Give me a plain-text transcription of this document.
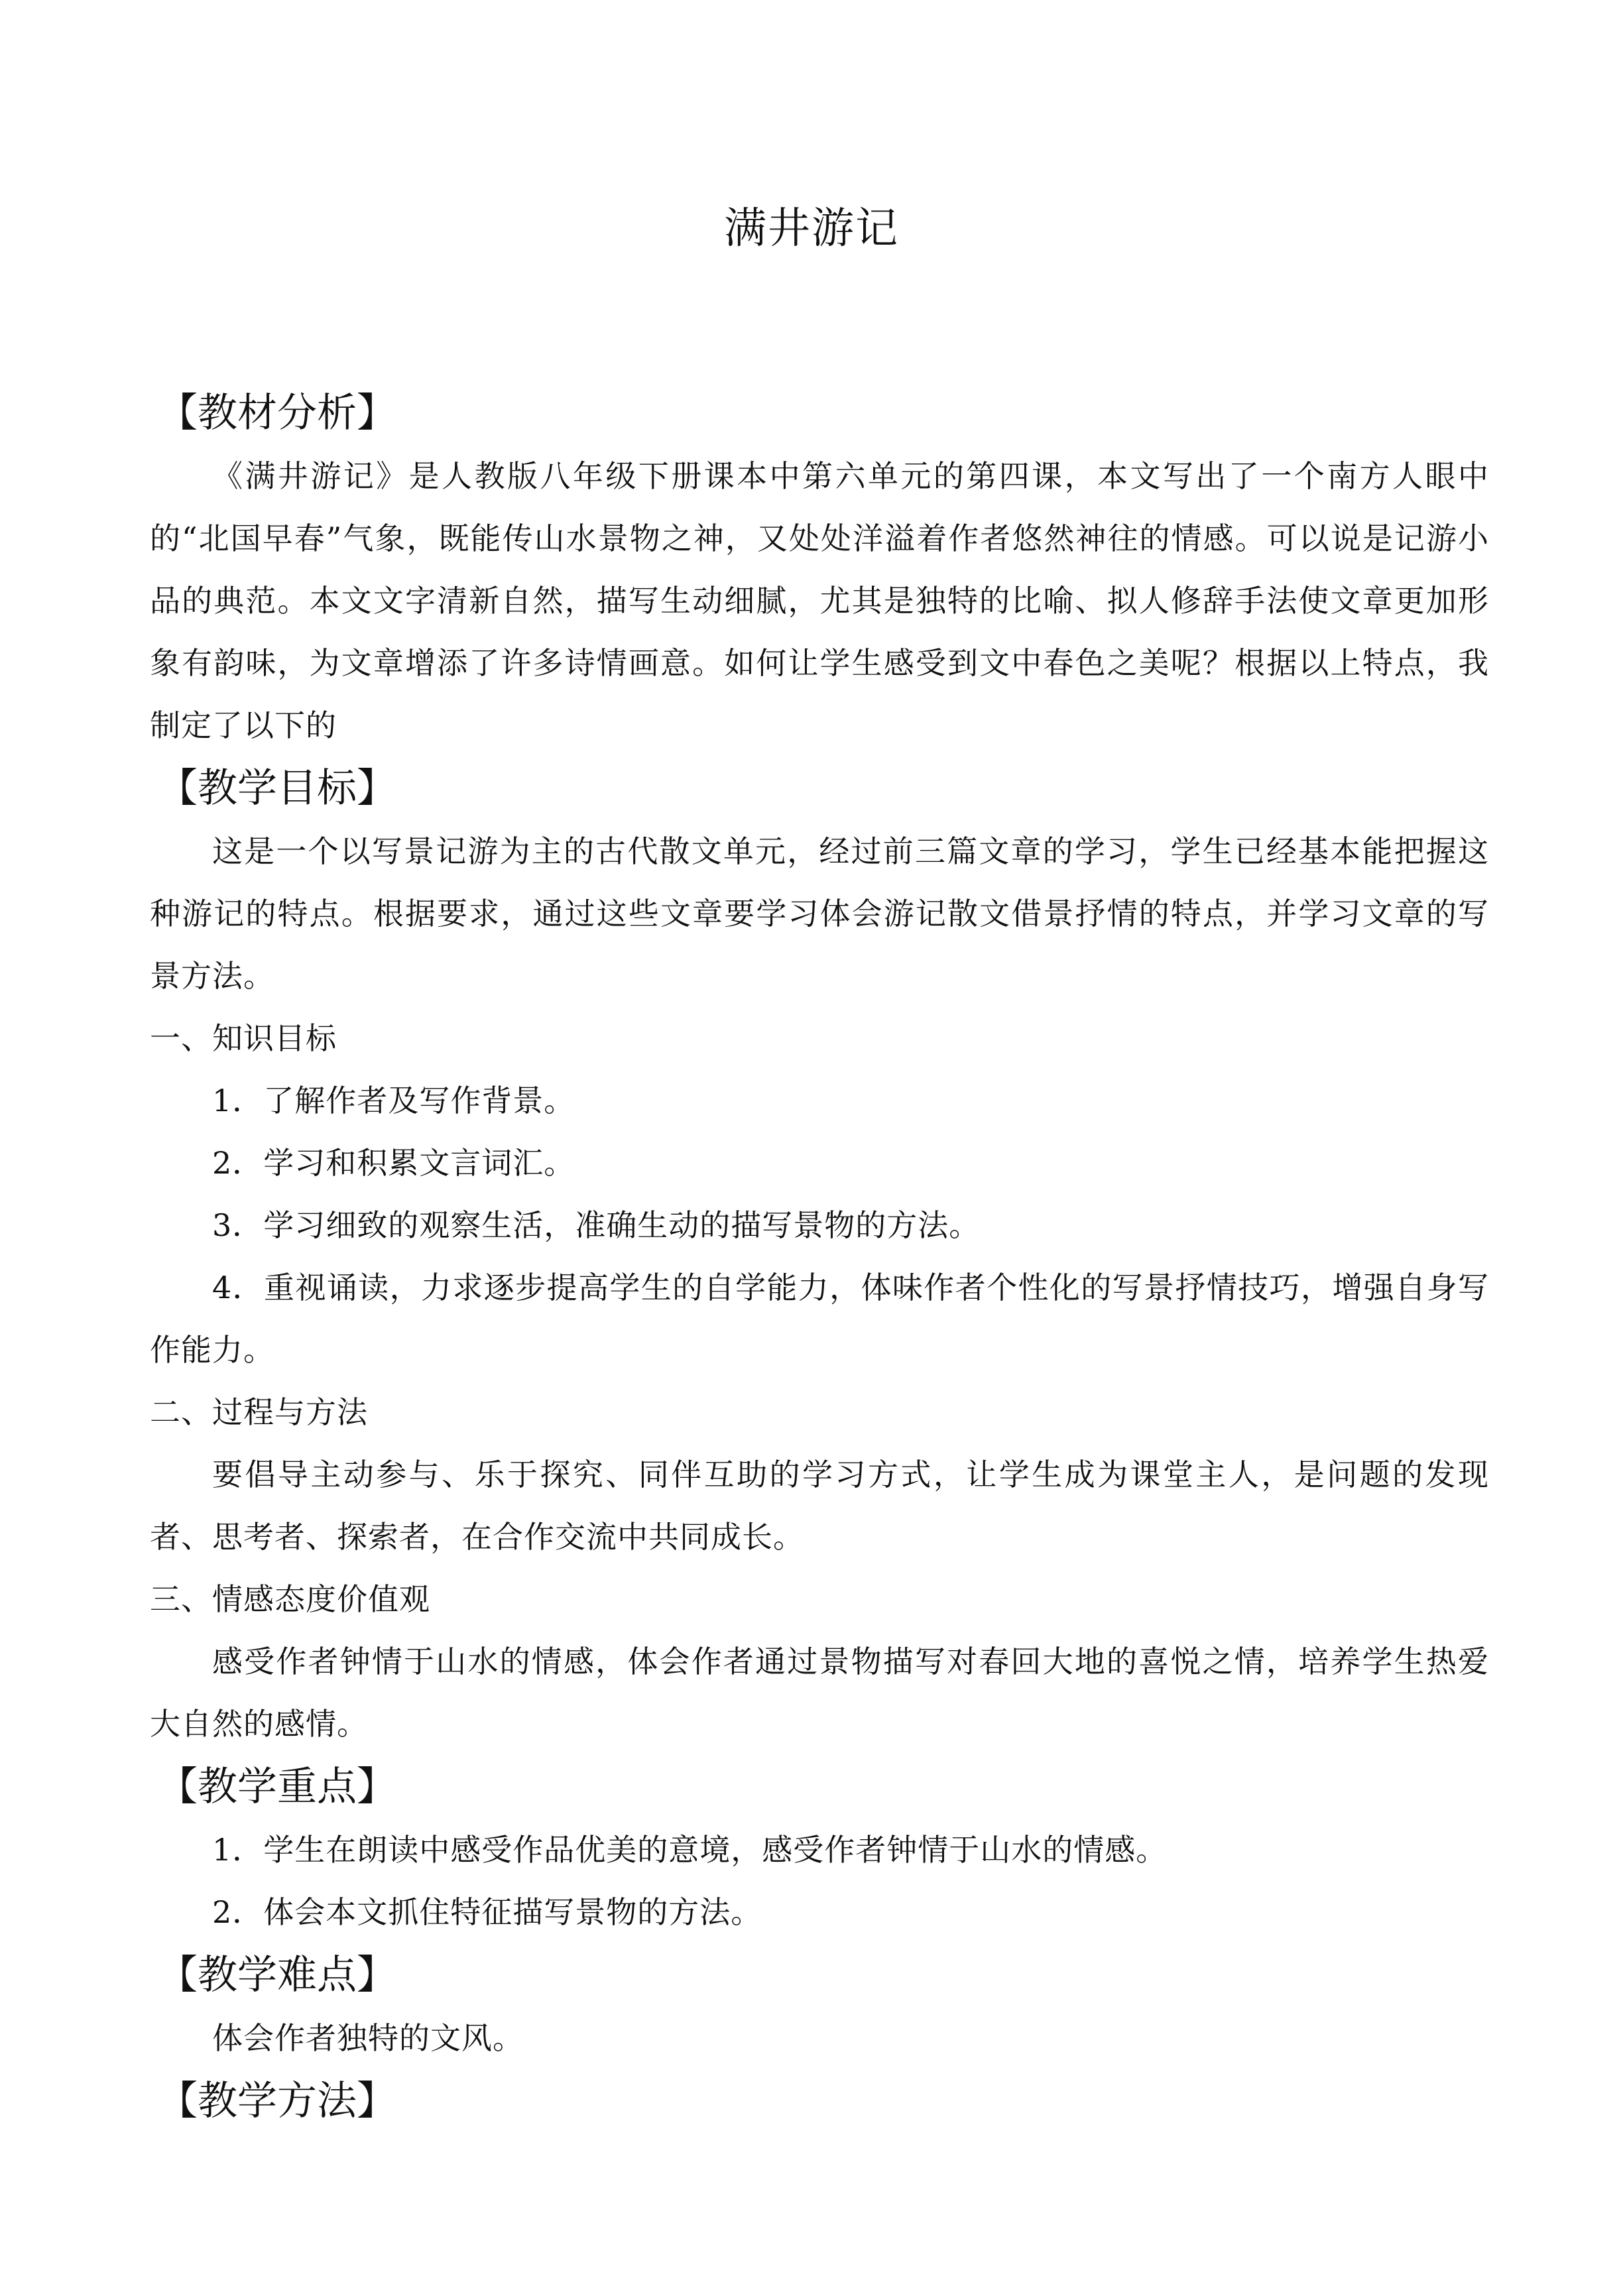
满井游记

【教材分析】

《满井游记》是人教版八年级下册课本中第六单元的第四课，本文写出了一个南方人眼中的“北国早春”气象，既能传山水景物之神，又处处洋溢着作者悠然神往的情感。可以说是记游小品的典范。本文文字清新自然，描写生动细腻，尤其是独特的比喻、拟人修辞手法使文章更加形象有韵味，为文章增添了许多诗情画意。如何让学生感受到文中春色之美呢？根据以上特点，我制定了以下的

【教学目标】

这是一个以写景记游为主的古代散文单元，经过前三篇文章的学习，学生已经基本能把握这种游记的特点。根据要求，通过这些文章要学习体会游记散文借景抒情的特点，并学习文章的写景方法。

一、知识目标

1．了解作者及写作背景。

2．学习和积累文言词汇。

3．学习细致的观察生活，准确生动的描写景物的方法。

4．重视诵读，力求逐步提高学生的自学能力，体味作者个性化的写景抒情技巧，增强自身写作能力。

二、过程与方法

要倡导主动参与、乐于探究、同伴互助的学习方式，让学生成为课堂主人，是问题的发现者、思考者、探索者，在合作交流中共同成长。

三、情感态度价值观

感受作者钟情于山水的情感，体会作者通过景物描写对春回大地的喜悦之情，培养学生热爱大自然的感情。

【教学重点】

1．学生在朗读中感受作品优美的意境，感受作者钟情于山水的情感。

2．体会本文抓住特征描写景物的方法。

【教学难点】

体会作者独特的文风。

【教学方法】
